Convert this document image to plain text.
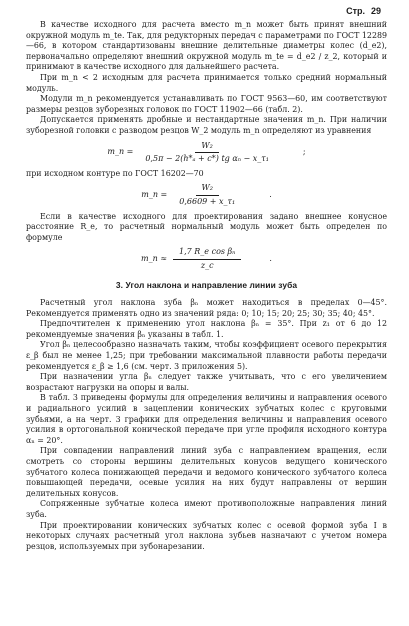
Стр. 29

В качестве исходного для расчета вместо m_n может быть принят внешний окружной модуль m_te. Так, для редукторных передач с параметрами по ГОСТ 12289—66, в котором стандартизованы внешние делительные диаметры колес (d_e2), первоначально определяют внешний окружной модуль m_te = d_e2 / z_2, который и принимают в качестве исходного для дальнейшего расчета.

При m_n < 2 исходным для расчета принимается только средний нормальный модуль.

Модули m_n рекомендуется устанавливать по ГОСТ 9563—60, им соответствуют размеры резцов зуборезных головок по ГОСТ 11902—66 (табл. 2).

Допускается применять дробные и нестандартные значения m_n. При наличии зуборезной головки с разводом резцов W_2 модуль m_n определяют из уравнения

m_n = $\frac{\text{W₂}}{\text{0,5π − 2(h*ₐ + c*) tg αₙ − x\_τ₁}}$	;

при исходном контуре по ГОСТ 16202—70

m_n = $\frac{\text{W₂}}{\text{0,6609 + x\_τ₁}}$	.

Если в качестве исходного для проектирования задано внешнее конусное расстояние R_e, то расчетный нормальный модуль может быть определен по формуле

m_n ≈ $\frac{\text{1,7 R\_e cos βₙ}}{z\_c}$	.
3. Угол наклона и направление линии зуба

Расчетный угол наклона зуба βₙ может находиться в пределах 0—45°. Рекомендуется применять одно из значений ряда: 0; 10; 15; 20; 25; 30; 35; 40; 45°.

Предпочтителен к применению угол наклона βₙ = 35°. При z₁ от 6 до 12 рекомендуемые значения βₙ указаны в табл. 1.

Угол βₙ целесообразно назначать таким, чтобы коэффициент осевого перекрытия ε_β был не менее 1,25; при требовании максимальной плавности работы передачи рекомендуется ε_β ≥ 1,6 (см. черт. 3 приложения 5).

При назначении угла βₙ следует также учитывать, что с его увеличением возрастают нагрузки на опоры и валы.

В табл. 3 приведены формулы для определения величины и направления осевого и радиального усилий в зацеплении конических зубчатых колес с круговыми зубьями, а на черт. 3 графики для определения величины и направления осевого усилия в ортогональной конической передаче при угле профиля исходного контура αₙ = 20°.

При совпадении направлений линий зуба с направлением вращения, если смотреть со стороны вершины делительных конусов ведущего конического зубчатого колеса понижающей передачи и ведомого конического зубчатого колеса повышающей передачи, осевые усилия на них будут направлены от вершин делительных конусов.

Сопряженные зубчатые колеса имеют противоположные направления линий зуба.

При проектировании конических зубчатых колес с осевой формой зуба I в некоторых случаях расчетный угол наклона зубьев назначают с учетом номера резцов, используемых при зубонарезании.
